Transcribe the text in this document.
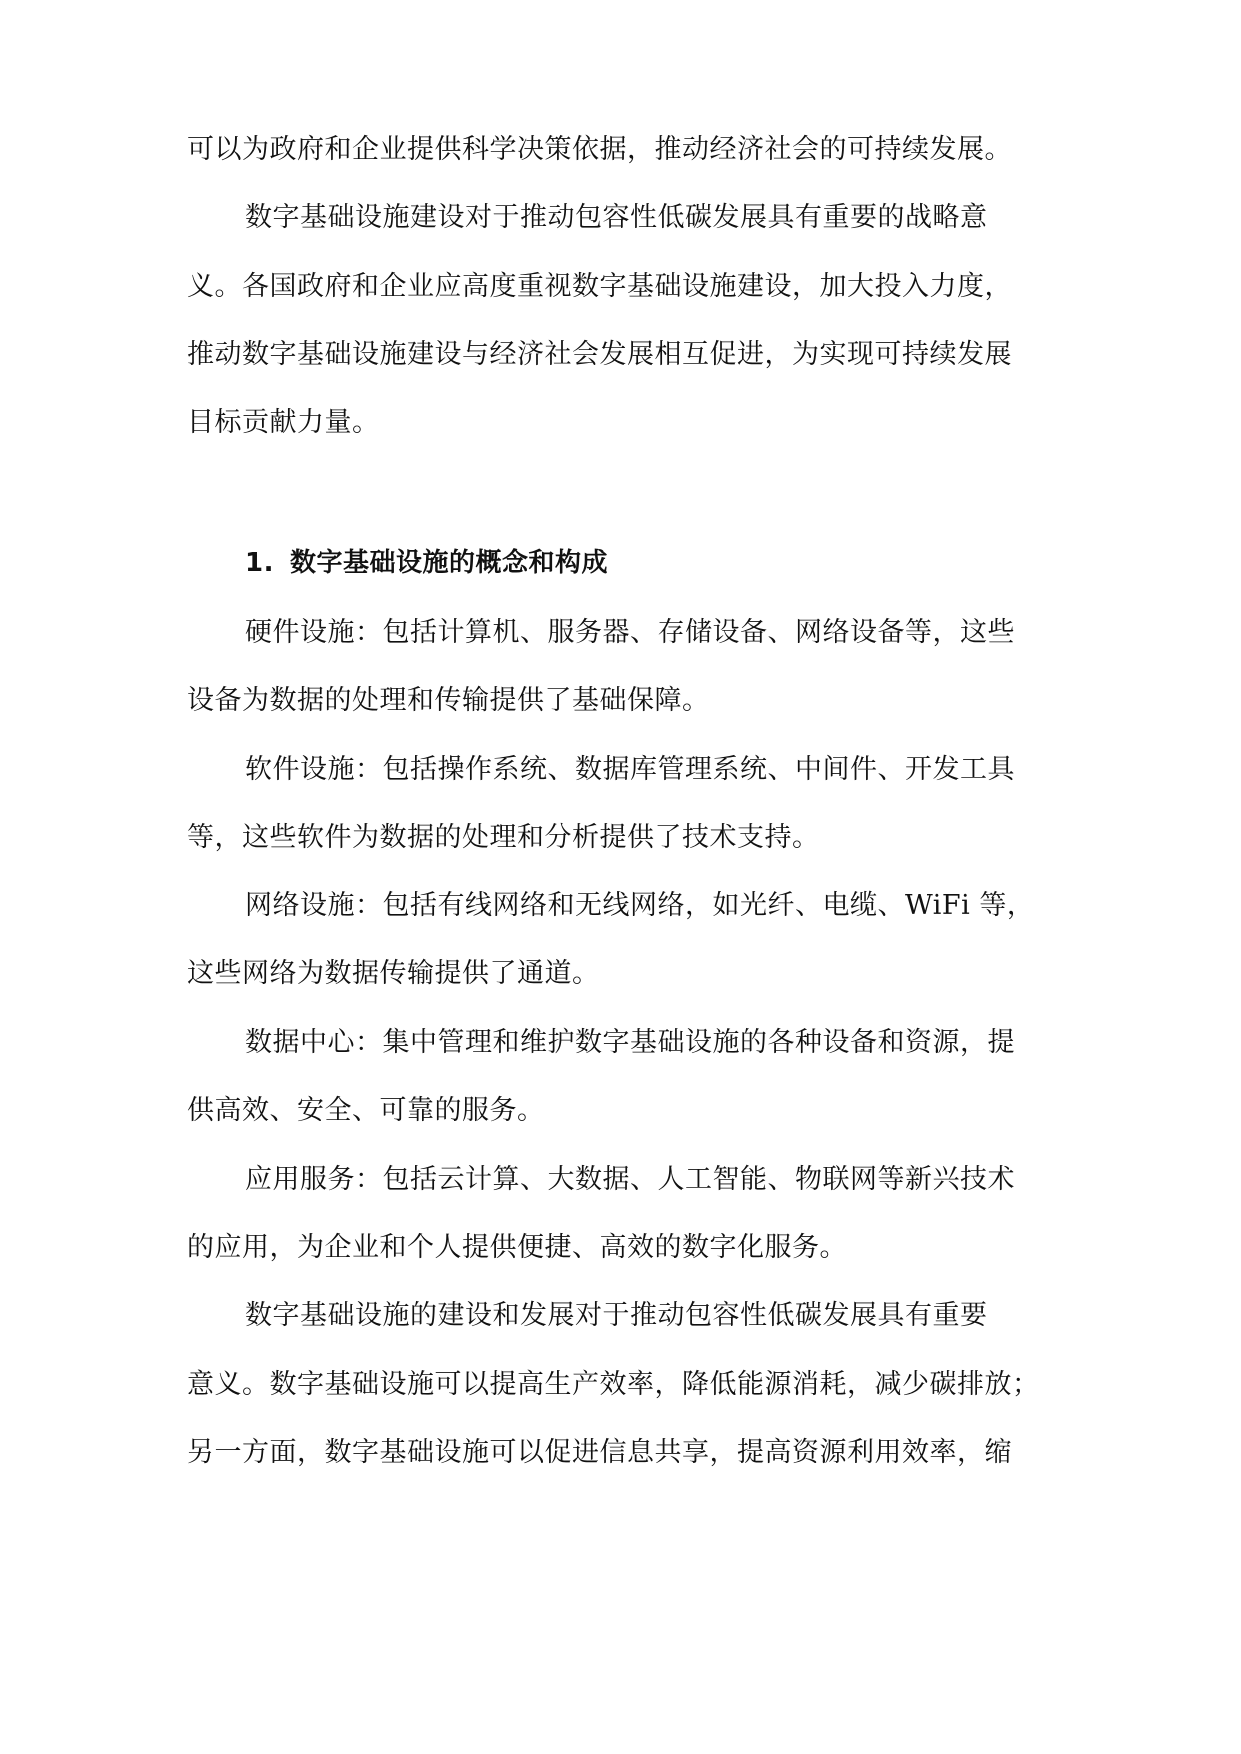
可以为政府和企业提供科学决策依据，推动经济社会的可持续发展。
数字基础设施建设对于推动包容性低碳发展具有重要的战略意
义。各国政府和企业应高度重视数字基础设施建设，加大投入力度，
推动数字基础设施建设与经济社会发展相互促进，为实现可持续发展
目标贡献力量。
1. 数字基础设施的概念和构成
硬件设施：包括计算机、服务器、存储设备、网络设备等，这些
设备为数据的处理和传输提供了基础保障。
软件设施：包括操作系统、数据库管理系统、中间件、开发工具
等，这些软件为数据的处理和分析提供了技术支持。
网络设施：包括有线网络和无线网络，如光纤、电缆、WiFi 等，
这些网络为数据传输提供了通道。
数据中心：集中管理和维护数字基础设施的各种设备和资源，提
供高效、安全、可靠的服务。
应用服务：包括云计算、大数据、人工智能、物联网等新兴技术
的应用，为企业和个人提供便捷、高效的数字化服务。
数字基础设施的建设和发展对于推动包容性低碳发展具有重要
意义。数字基础设施可以提高生产效率，降低能源消耗，减少碳排放；
另一方面，数字基础设施可以促进信息共享，提高资源利用效率，缩
